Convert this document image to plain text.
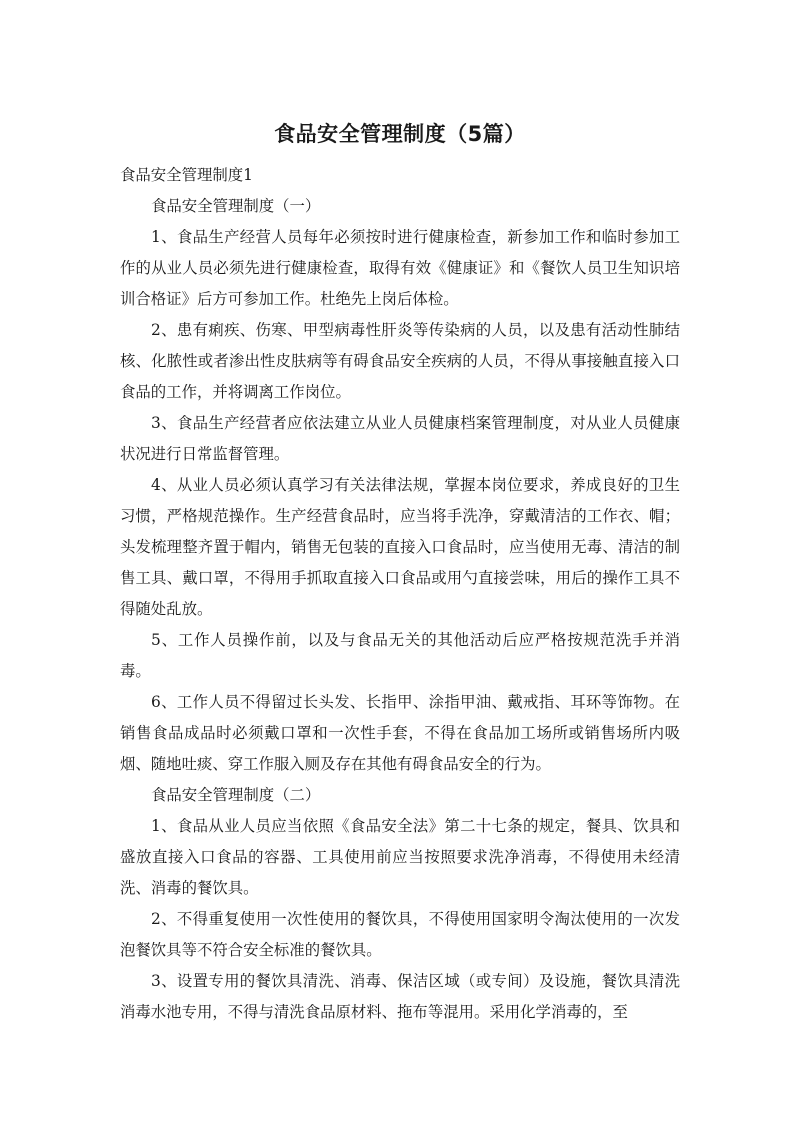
食品安全管理制度（5篇）

食品安全管理制度1

食品安全管理制度（一）

1、食品生产经营人员每年必须按时进行健康检查，新参加工作和临时参加工作的从业人员必须先进行健康检查，取得有效《健康证》和《餐饮人员卫生知识培训合格证》后方可参加工作。杜绝先上岗后体检。

2、患有痢疾、伤寒、甲型病毒性肝炎等传染病的人员，以及患有活动性肺结核、化脓性或者渗出性皮肤病等有碍食品安全疾病的人员，不得从事接触直接入口食品的工作，并将调离工作岗位。

3、食品生产经营者应依法建立从业人员健康档案管理制度，对从业人员健康状况进行日常监督管理。

4、从业人员必须认真学习有关法律法规，掌握本岗位要求，养成良好的卫生习惯，严格规范操作。生产经营食品时，应当将手洗净，穿戴清洁的工作衣、帽；头发梳理整齐置于帽内，销售无包装的直接入口食品时，应当使用无毒、清洁的制售工具、戴口罩，不得用手抓取直接入口食品或用勺直接尝味，用后的操作工具不得随处乱放。

5、工作人员操作前，以及与食品无关的其他活动后应严格按规范洗手并消毒。

6、工作人员不得留过长头发、长指甲、涂指甲油、戴戒指、耳环等饰物。在销售食品成品时必须戴口罩和一次性手套，不得在食品加工场所或销售场所内吸烟、随地吐痰、穿工作服入厕及存在其他有碍食品安全的行为。

食品安全管理制度（二）

1、食品从业人员应当依照《食品安全法》第二十七条的规定，餐具、饮具和盛放直接入口食品的容器、工具使用前应当按照要求洗净消毒，不得使用未经清洗、消毒的餐饮具。

2、不得重复使用一次性使用的餐饮具，不得使用国家明令淘汰使用的一次发泡餐饮具等不符合安全标准的餐饮具。

3、设置专用的餐饮具清洗、消毒、保洁区域（或专间）及设施，餐饮具清洗消毒水池专用，不得与清洗食品原材料、拖布等混用。采用化学消毒的，至
